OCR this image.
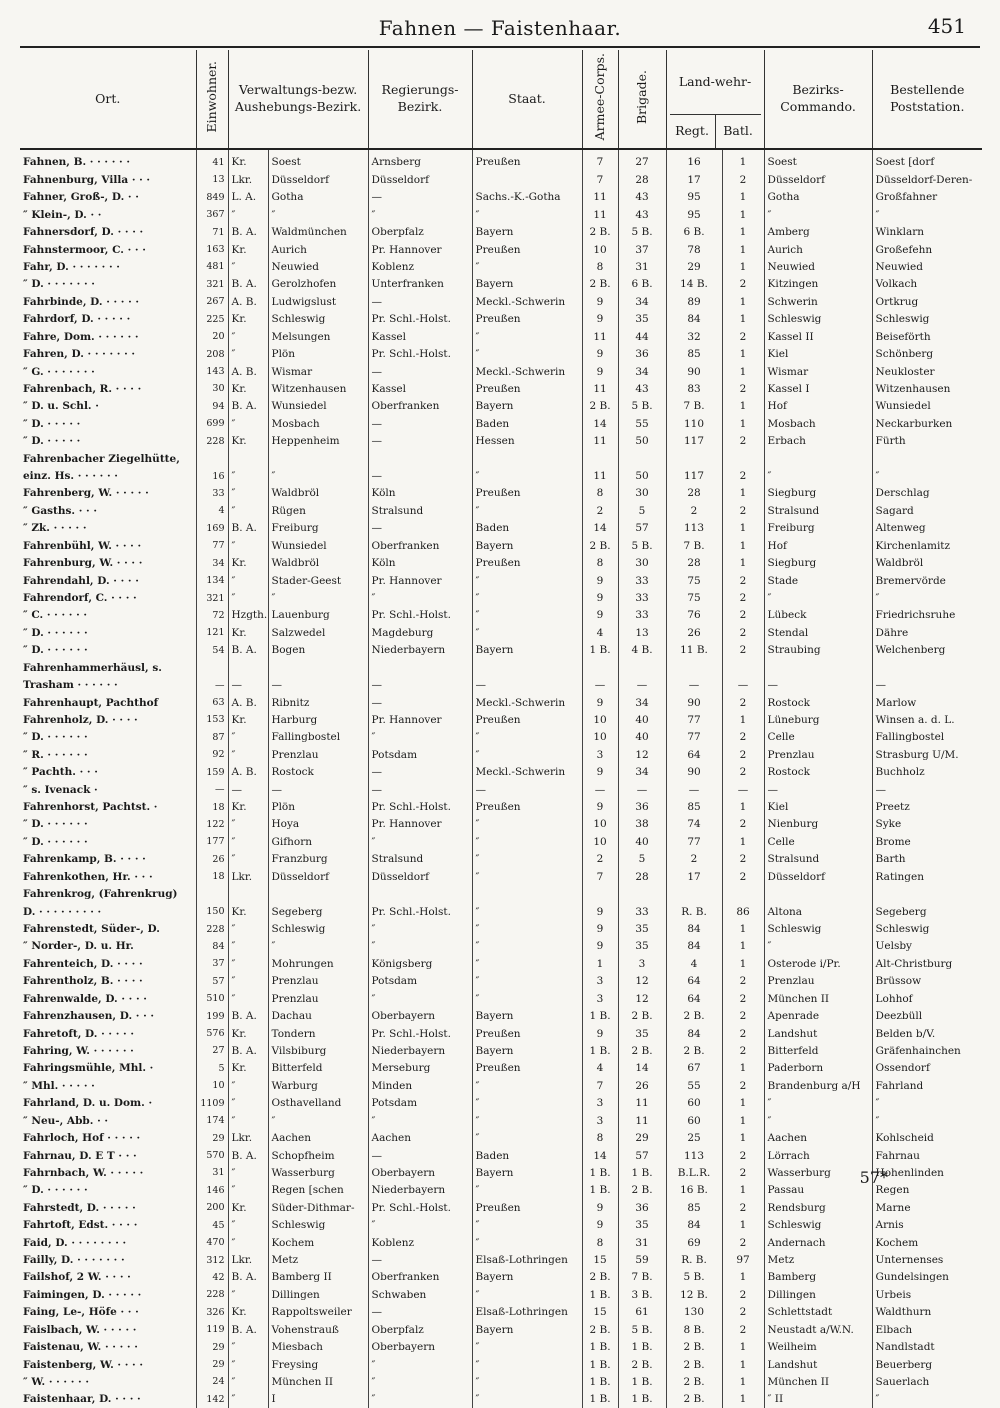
Fahnen — Faistenhaar.	451
Ort.	Einwohner.	Verwaltungs-bezw. Aushebungs-Bezirk.		Regierungs-Bezirk.	Staat.	Armee-Corps.	Brigade.	Land-wehr-
Regt. Batl.		Bezirks-Commando.	Bestellende Poststation.
Fahnen, B. · · · · · ·	41	Kr.	Soest	Arnsberg	Preußen	7	27	16	1	Soest	Soest [dorf
Fahnenburg, Villa · · ·	13	Lkr.	Düsseldorf	Düsseldorf		7	28	17	2	Düsseldorf	Düsseldorf-Deren-
Fahner, Groß-, D. · ·	849	L. A.	Gotha	—	Sachs.-K.-Gotha	11	43	95	1	Gotha	Großfahner
″ Klein-, D. · ·	367	″	″	″	″	11	43	95	1	″	″
Fahnersdorf, D. · · · ·	71	B. A.	Waldmünchen	Oberpfalz	Bayern	2 B.	5 B.	6 B.	1	Amberg	Winklarn
Fahnstermoor, C. · · ·	163	Kr.	Aurich	Pr. Hannover	Preußen	10	37	78	1	Aurich	Großefehn
Fahr, D. · · · · · · ·	481	″	Neuwied	Koblenz	″	8	31	29	1	Neuwied	Neuwied
″ D. · · · · · · ·	321	B. A.	Gerolzhofen	Unterfranken	Bayern	2 B.	6 B.	14 B.	2	Kitzingen	Volkach
Fahrbinde, D. · · · · ·	267	A. B.	Ludwigslust	—	Meckl.-Schwerin	9	34	89	1	Schwerin	Ortkrug
Fahrdorf, D. · · · · ·	225	Kr.	Schleswig	Pr. Schl.-Holst.	Preußen	9	35	84	1	Schleswig	Schleswig
Fahre, Dom. · · · · · ·	20	″	Melsungen	Kassel	″	11	44	32	2	Kassel II	Beiseförth
Fahren, D. · · · · · · ·	208	″	Plön	Pr. Schl.-Holst.	″	9	36	85	1	Kiel	Schönberg
″ G. · · · · · · ·	143	A. B.	Wismar	—	Meckl.-Schwerin	9	34	90	1	Wismar	Neukloster
Fahrenbach, R. · · · ·	30	Kr.	Witzenhausen	Kassel	Preußen	11	43	83	2	Kassel I	Witzenhausen
″ D. u. Schl. ·	94	B. A.	Wunsiedel	Oberfranken	Bayern	2 B.	5 B.	7 B.	1	Hof	Wunsiedel
″ D. · · · · ·	699	″	Mosbach	—	Baden	14	55	110	1	Mosbach	Neckarburken
″ D. · · · · ·	228	Kr.	Heppenheim	—	Hessen	11	50	117	2	Erbach	Fürth
Fahrenbacher Ziegelhütte,											
einz. Hs. · · · · · ·	16	″	″	—	″	11	50	117	2	″	″
Fahrenberg, W. · · · · ·	33	″	Waldbröl	Köln	Preußen	8	30	28	1	Siegburg	Derschlag
″ Gasths. · · ·	4	″	Rügen	Stralsund	″	2	5	2	2	Stralsund	Sagard
″ Zk. · · · · ·	169	B. A.	Freiburg	—	Baden	14	57	113	1	Freiburg	Altenweg
Fahrenbühl, W. · · · ·	77	″	Wunsiedel	Oberfranken	Bayern	2 B.	5 B.	7 B.	1	Hof	Kirchenlamitz
Fahrenburg, W. · · · ·	34	Kr.	Waldbröl	Köln	Preußen	8	30	28	1	Siegburg	Waldbröl
Fahrendahl, D. · · · ·	134	″	Stader-Geest	Pr. Hannover	″	9	33	75	2	Stade	Bremervörde
Fahrendorf, C. · · · ·	321	″	″	″	″	9	33	75	2	″	″
″ C. · · · · · ·	72	Hzgth.	Lauenburg	Pr. Schl.-Holst.	″	9	33	76	2	Lübeck	Friedrichsruhe
″ D. · · · · · ·	121	Kr.	Salzwedel	Magdeburg	″	4	13	26	2	Stendal	Dähre
″ D. · · · · · ·	54	B. A.	Bogen	Niederbayern	Bayern	1 B.	4 B.	11 B.	2	Straubing	Welchenberg
Fahrenhammerhäusl, s.											
Trasham · · · · · ·	—	—	—	—	—	—	—	—	—	—	—
Fahrenhaupt, Pachthof	63	A. B.	Ribnitz	—	Meckl.-Schwerin	9	34	90	2	Rostock	Marlow
Fahrenholz, D. · · · ·	153	Kr.	Harburg	Pr. Hannover	Preußen	10	40	77	1	Lüneburg	Winsen a. d. L.
″ D. · · · · · ·	87	″	Fallingbostel	″	″	10	40	77	2	Celle	Fallingbostel
″ R. · · · · · ·	92	″	Prenzlau	Potsdam	″	3	12	64	2	Prenzlau	Strasburg U/M.
″ Pachth. · · ·	159	A. B.	Rostock	—	Meckl.-Schwerin	9	34	90	2	Rostock	Buchholz
″ s. Ivenack ·	—	—	—	—	—	—	—	—	—	—	—
Fahrenhorst, Pachtst. ·	18	Kr.	Plön	Pr. Schl.-Holst.	Preußen	9	36	85	1	Kiel	Preetz
″ D. · · · · · ·	122	″	Hoya	Pr. Hannover	″	10	38	74	2	Nienburg	Syke
″ D. · · · · · ·	177	″	Gifhorn	″	″	10	40	77	1	Celle	Brome
Fahrenkamp, B. · · · ·	26	″	Franzburg	Stralsund	″	2	5	2	2	Stralsund	Barth
Fahrenkothen, Hr. · · ·	18	Lkr.	Düsseldorf	Düsseldorf	″	7	28	17	2	Düsseldorf	Ratingen
Fahrenkrog, (Fahrenkrug)											
D. · · · · · · · · ·	150	Kr.	Segeberg	Pr. Schl.-Holst.	″	9	33	R. B.	86	Altona	Segeberg
Fahrenstedt, Süder-, D.	228	″	Schleswig	″	″	9	35	84	1	Schleswig	Schleswig
″ Norder-, D. u. Hr.	84	″	″	″	″	9	35	84	1	″	Uelsby
Fahrenteich, D. · · · ·	37	″	Mohrungen	Königsberg	″	1	3	4	1	Osterode i/Pr.	Alt-Christburg
Fahrentholz, B. · · · ·	57	″	Prenzlau	Potsdam	″	3	12	64	2	Prenzlau	Brüssow
Fahrenwalde, D. · · · ·	510	″	Prenzlau	″	″	3	12	64	2	München II	Lohhof
Fahrenzhausen, D. · · ·	199	B. A.	Dachau	Oberbayern	Bayern	1 B.	2 B.	2 B.	2	Apenrade	Deezbüll
Fahretoft, D. · · · · ·	576	Kr.	Tondern	Pr. Schl.-Holst.	Preußen	9	35	84	2	Landshut	Belden b/V.
Fahring, W. · · · · · ·	27	B. A.	Vilsbiburg	Niederbayern	Bayern	1 B.	2 B.	2 B.	2	Bitterfeld	Gräfenhainchen
Fahringsmühle, Mhl. ·	5	Kr.	Bitterfeld	Merseburg	Preußen	4	14	67	1	Paderborn	Ossendorf
″ Mhl. · · · · ·	10	″	Warburg	Minden	″	7	26	55	2	Brandenburg a/H	Fahrland
Fahrland, D. u. Dom. ·	1109	″	Osthavelland	Potsdam	″	3	11	60	1	″	″
″ Neu-, Abb. · ·	174	″	″	″	″	3	11	60	1	″	″
Fahrloch, Hof · · · · ·	29	Lkr.	Aachen	Aachen	″	8	29	25	1	Aachen	Kohlscheid
Fahrnau, D. E T · · ·	570	B. A.	Schopfheim	—	Baden	14	57	113	2	Lörrach	Fahrnau
Fahrnbach, W. · · · · ·	31	″	Wasserburg	Oberbayern	Bayern	1 B.	1 B.	B.L.R.	2	Wasserburg	Hohenlinden
″ D. · · · · · ·	146	″	Regen [schen	Niederbayern	″	1 B.	2 B.	16 B.	1	Passau	Regen
Fahrstedt, D. · · · · ·	200	Kr.	Süder-Dithmar-	Pr. Schl.-Holst.	Preußen	9	36	85	2	Rendsburg	Marne
Fahrtoft, Edst. · · · ·	45	″	Schleswig	″	″	9	35	84	1	Schleswig	Arnis
Faid, D. · · · · · · · ·	470	″	Kochem	Koblenz	″	8	31	69	2	Andernach	Kochem
Failly, D. · · · · · · ·	312	Lkr.	Metz	—	Elsaß-Lothringen	15	59	R. B.	97	Metz	Unternenses
Failshof, 2 W. · · · ·	42	B. A.	Bamberg II	Oberfranken	Bayern	2 B.	7 B.	5 B.	1	Bamberg	Gundelsingen
Faimingen, D. · · · · ·	228	″	Dillingen	Schwaben	″	1 B.	3 B.	12 B.	2	Dillingen	Urbeis
Faing, Le-, Höfe · · ·	326	Kr.	Rappoltsweiler	—	Elsaß-Lothringen	15	61	130	2	Schlettstadt	Waldthurn
Faislbach, W. · · · · ·	119	B. A.	Vohenstrauß	Oberpfalz	Bayern	2 B.	5 B.	8 B.	2	Neustadt a/W.N.	Elbach
Faistenau, W. · · · · ·	29	″	Miesbach	Oberbayern	″	1 B.	1 B.	2 B.	1	Weilheim	Nandlstadt
Faistenberg, W. · · · ·	29	″	Freysing	″	″	1 B.	2 B.	2 B.	1	Landshut	Beuerberg
″ W. · · · · · ·	24	″	München II	″	″	1 B.	1 B.	2 B.	1	München II	Sauerlach
Faistenhaar, D. · · · ·	142	″	I	″	″	1 B.	1 B.	2 B.	1	″ II	″
57*
